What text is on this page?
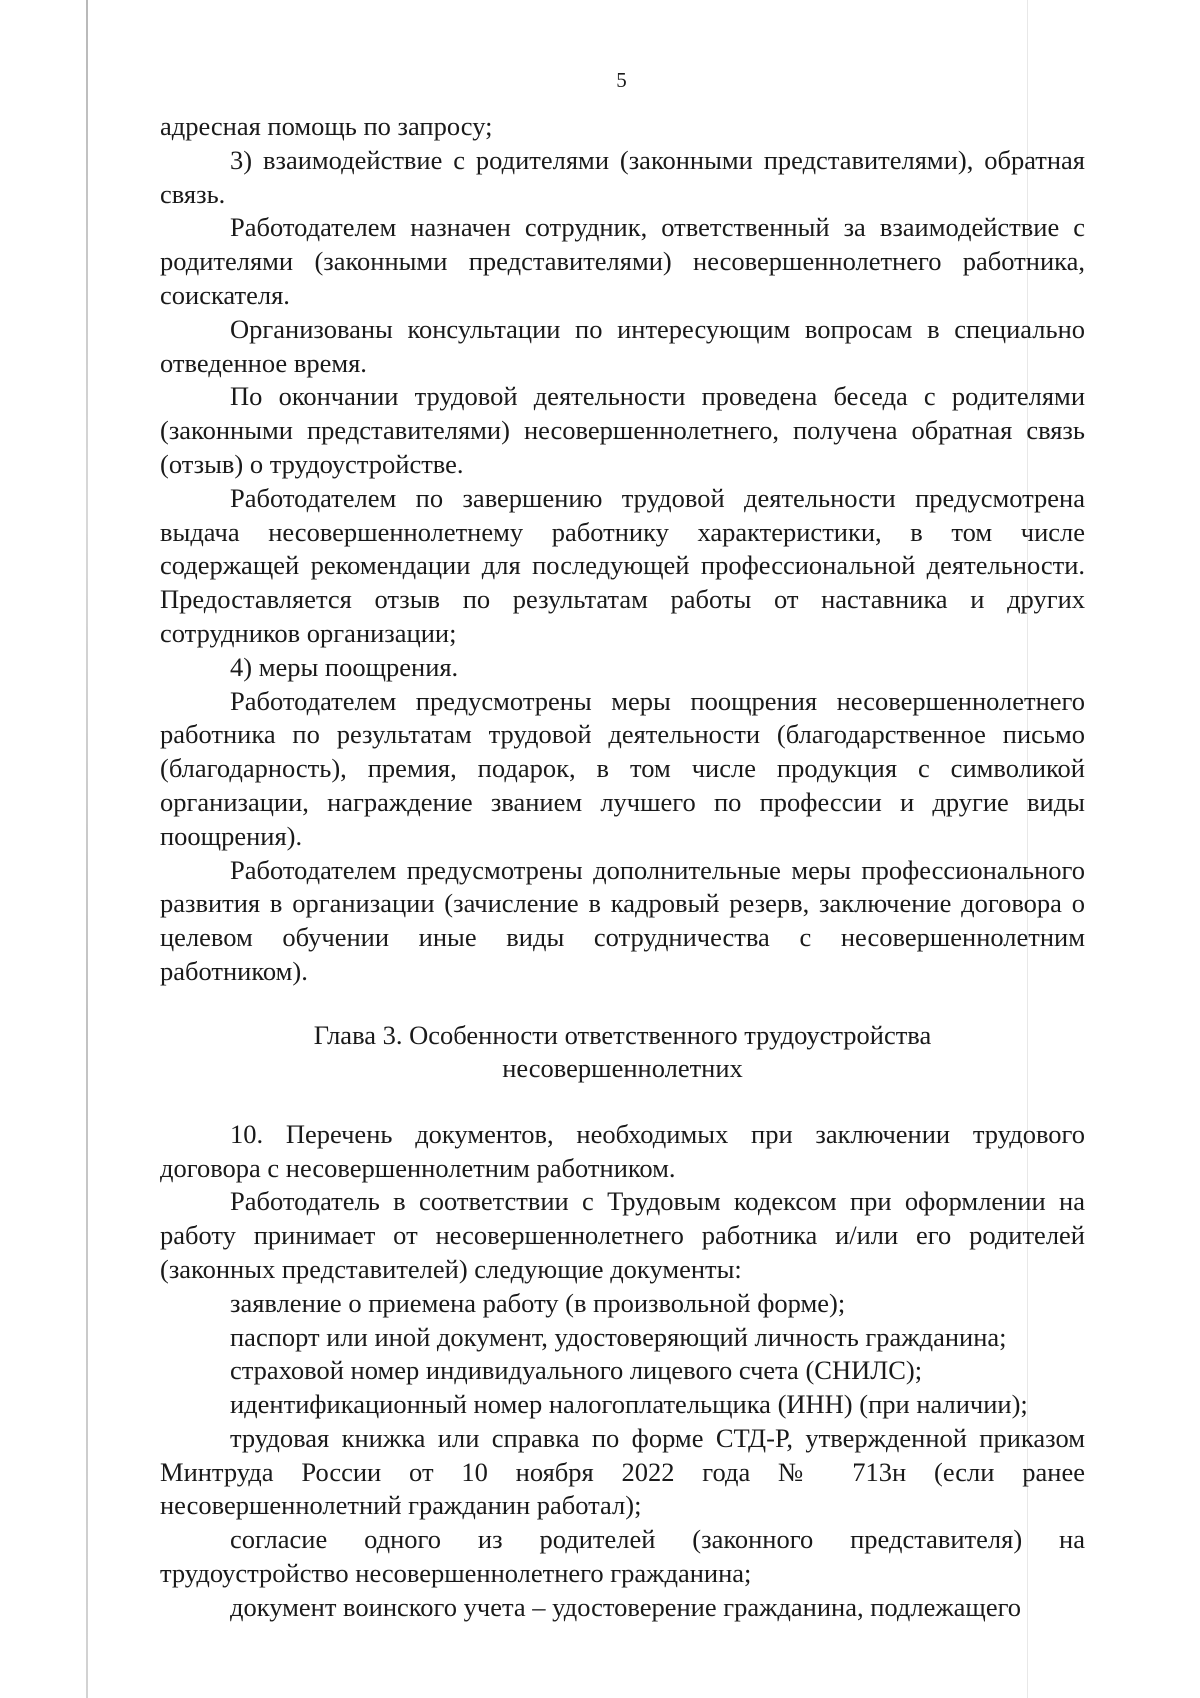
5

адресная помощь по запросу;

3) взаимодействие с родителями (законными представителями), обратная связь.

Работодателем назначен сотрудник, ответственный за взаимодействие с родителями (законными представителями) несовершеннолетнего работника, соискателя.

Организованы консультации по интересующим вопросам в специально отведенное время.

По окончании трудовой деятельности проведена беседа с родителями (законными представителями) несовершеннолетнего, получена обратная связь (отзыв) о трудоустройстве.

Работодателем по завершению трудовой деятельности предусмотрена выдача несовершеннолетнему работнику характеристики, в том числе содержащей рекомендации для последующей профессиональной деятельности. Предоставляется отзыв по результатам работы от наставника и других сотрудников организации;

4) меры поощрения.

Работодателем предусмотрены меры поощрения несовершеннолетнего работника по результатам трудовой деятельности (благодарственное письмо (благодарность), премия, подарок, в том числе продукция с символикой организации, награждение званием лучшего по профессии и другие виды поощрения).

Работодателем предусмотрены дополнительные меры профессионального развития в организации (зачисление в кадровый резерв, заключение договора о целевом обучении иные виды сотрудничества с несовершеннолетним работником).

Глава 3. Особенности ответственного трудоустройства
несовершеннолетних

10. Перечень документов, необходимых при заключении трудового договора с несовершеннолетним работником.

Работодатель в соответствии с Трудовым кодексом при оформлении на работу принимает от несовершеннолетнего работника и/или его родителей (законных представителей) следующие документы:

заявление о приемена работу (в произвольной форме);

паспорт или иной документ, удостоверяющий личность гражданина;

страховой номер индивидуального лицевого счета (СНИЛС);

идентификационный номер налогоплательщика (ИНН) (при наличии);

трудовая книжка или справка по форме СТД-Р, утвержденной приказом Минтруда России от 10 ноября 2022 года № 713н (если ранее несовершеннолетний гражданин работал);

согласие одного из родителей (законного представителя) на трудоустройство несовершеннолетнего гражданина;

документ воинского учета – удостоверение гражданина, подлежащего
